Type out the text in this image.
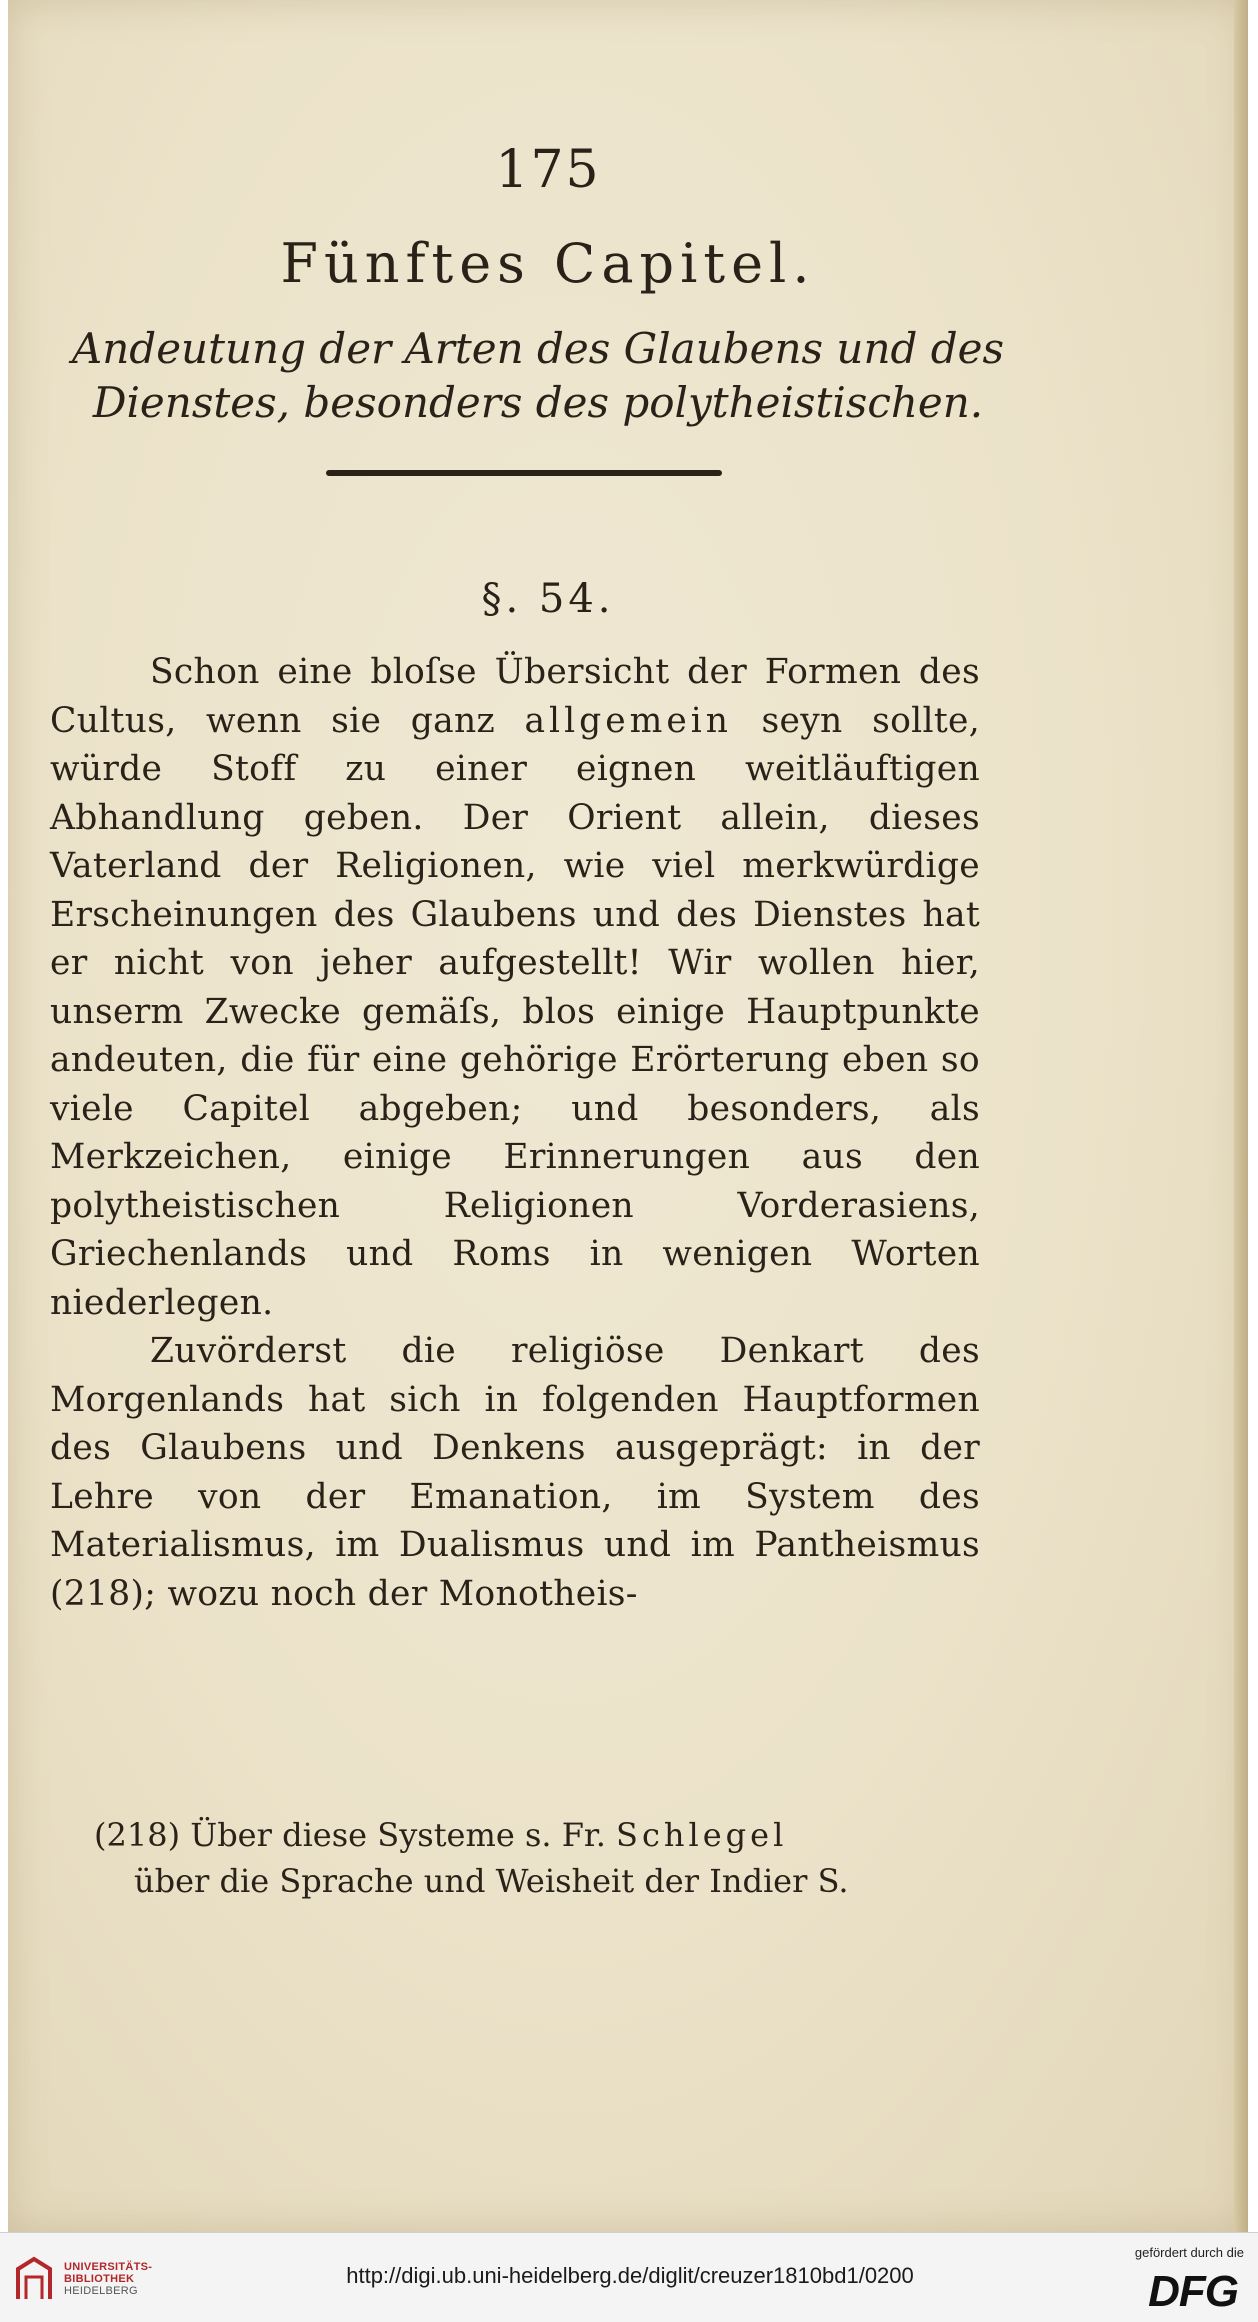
175
Fünftes Capitel.
Andeutung der Arten des Glaubens und des
Dienstes, besonders des polytheistischen.
§. 54.

Schon eine bloſse Übersicht der Formen des Cultus, wenn sie ganz allgemein seyn sollte, würde Stoff zu einer eignen weitläuftigen Abhandlung geben. Der Orient allein, dieses Vaterland der Religionen, wie viel merkwürdige Erscheinungen des Glaubens und des Dienstes hat er nicht von jeher aufgestellt! Wir wollen hier, unserm Zwecke gemäſs, blos einige Hauptpunkte andeuten, die für eine gehörige Erörterung eben so viele Capitel abgeben; und besonders, als Merkzeichen, einige Erinnerungen aus den polytheistischen Religionen Vorderasiens, Griechenlands und Roms in wenigen Worten niederlegen.

Zuvörderst die religiöse Denkart des Morgenlands hat sich in folgenden Hauptformen des Glaubens und Denkens ausgeprägt: in der Lehre von der Emanation, im System des Materialismus, im Dualismus und im Pantheismus (218); wozu noch der Monotheis-

(218) Über diese Systeme s. Fr. Schlegel
über die Sprache und Weisheit der Indier S.
UNIVERSITÄTS-
BIBLIOTHEK
HEIDELBERG
http://digi.ub.uni-heidelberg.de/diglit/creuzer1810bd1/0200
gefördert durch die
DFG
